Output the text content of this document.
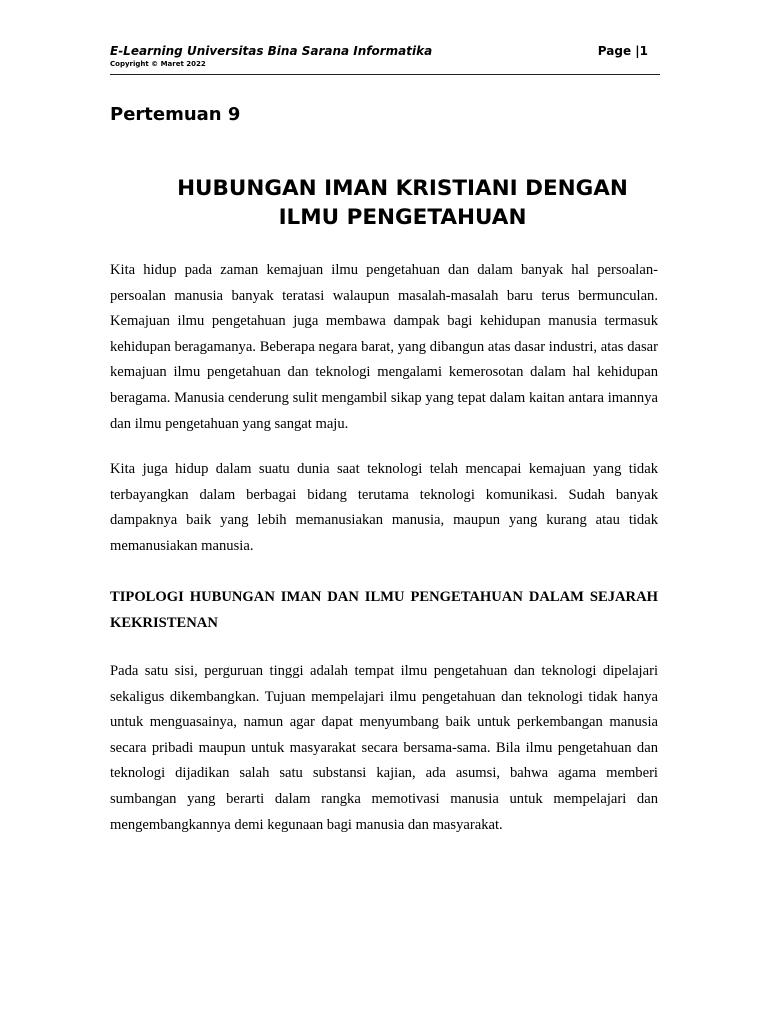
E-Learning Universitas Bina Sarana Informatika
Copyright © Maret 2022
Page |1
Pertemuan 9
HUBUNGAN IMAN KRISTIANI DENGAN
ILMU PENGETAHUAN

Kita hidup pada zaman kemajuan ilmu pengetahuan dan dalam banyak hal persoalan-persoalan manusia banyak teratasi walaupun masalah-masalah baru terus bermunculan. Kemajuan ilmu pengetahuan juga membawa dampak bagi kehidupan manusia termasuk kehidupan beragamanya. Beberapa negara barat, yang dibangun atas dasar industri, atas dasar kemajuan ilmu pengetahuan dan teknologi mengalami kemerosotan dalam hal kehidupan beragama. Manusia cenderung sulit mengambil sikap yang tepat dalam kaitan antara imannya dan ilmu pengetahuan yang sangat maju.

Kita juga hidup dalam suatu dunia saat teknologi telah mencapai kemajuan yang tidak terbayangkan dalam berbagai bidang terutama teknologi komunikasi. Sudah banyak dampaknya baik yang lebih memanusiakan manusia, maupun yang kurang atau tidak memanusiakan manusia.

TIPOLOGI HUBUNGAN IMAN DAN ILMU PENGETAHUAN DALAM SEJARAH KEKRISTENAN

Pada satu sisi, perguruan tinggi adalah tempat ilmu pengetahuan dan teknologi dipelajari sekaligus dikembangkan. Tujuan mempelajari ilmu pengetahuan dan teknologi tidak hanya untuk menguasainya, namun agar dapat menyumbang baik untuk perkembangan manusia secara pribadi maupun untuk masyarakat secara bersama-sama. Bila ilmu pengetahuan dan teknologi dijadikan salah satu substansi kajian, ada asumsi, bahwa agama memberi sumbangan yang berarti dalam rangka memotivasi manusia untuk mempelajari dan mengembangkannya demi kegunaan bagi manusia dan masyarakat.
